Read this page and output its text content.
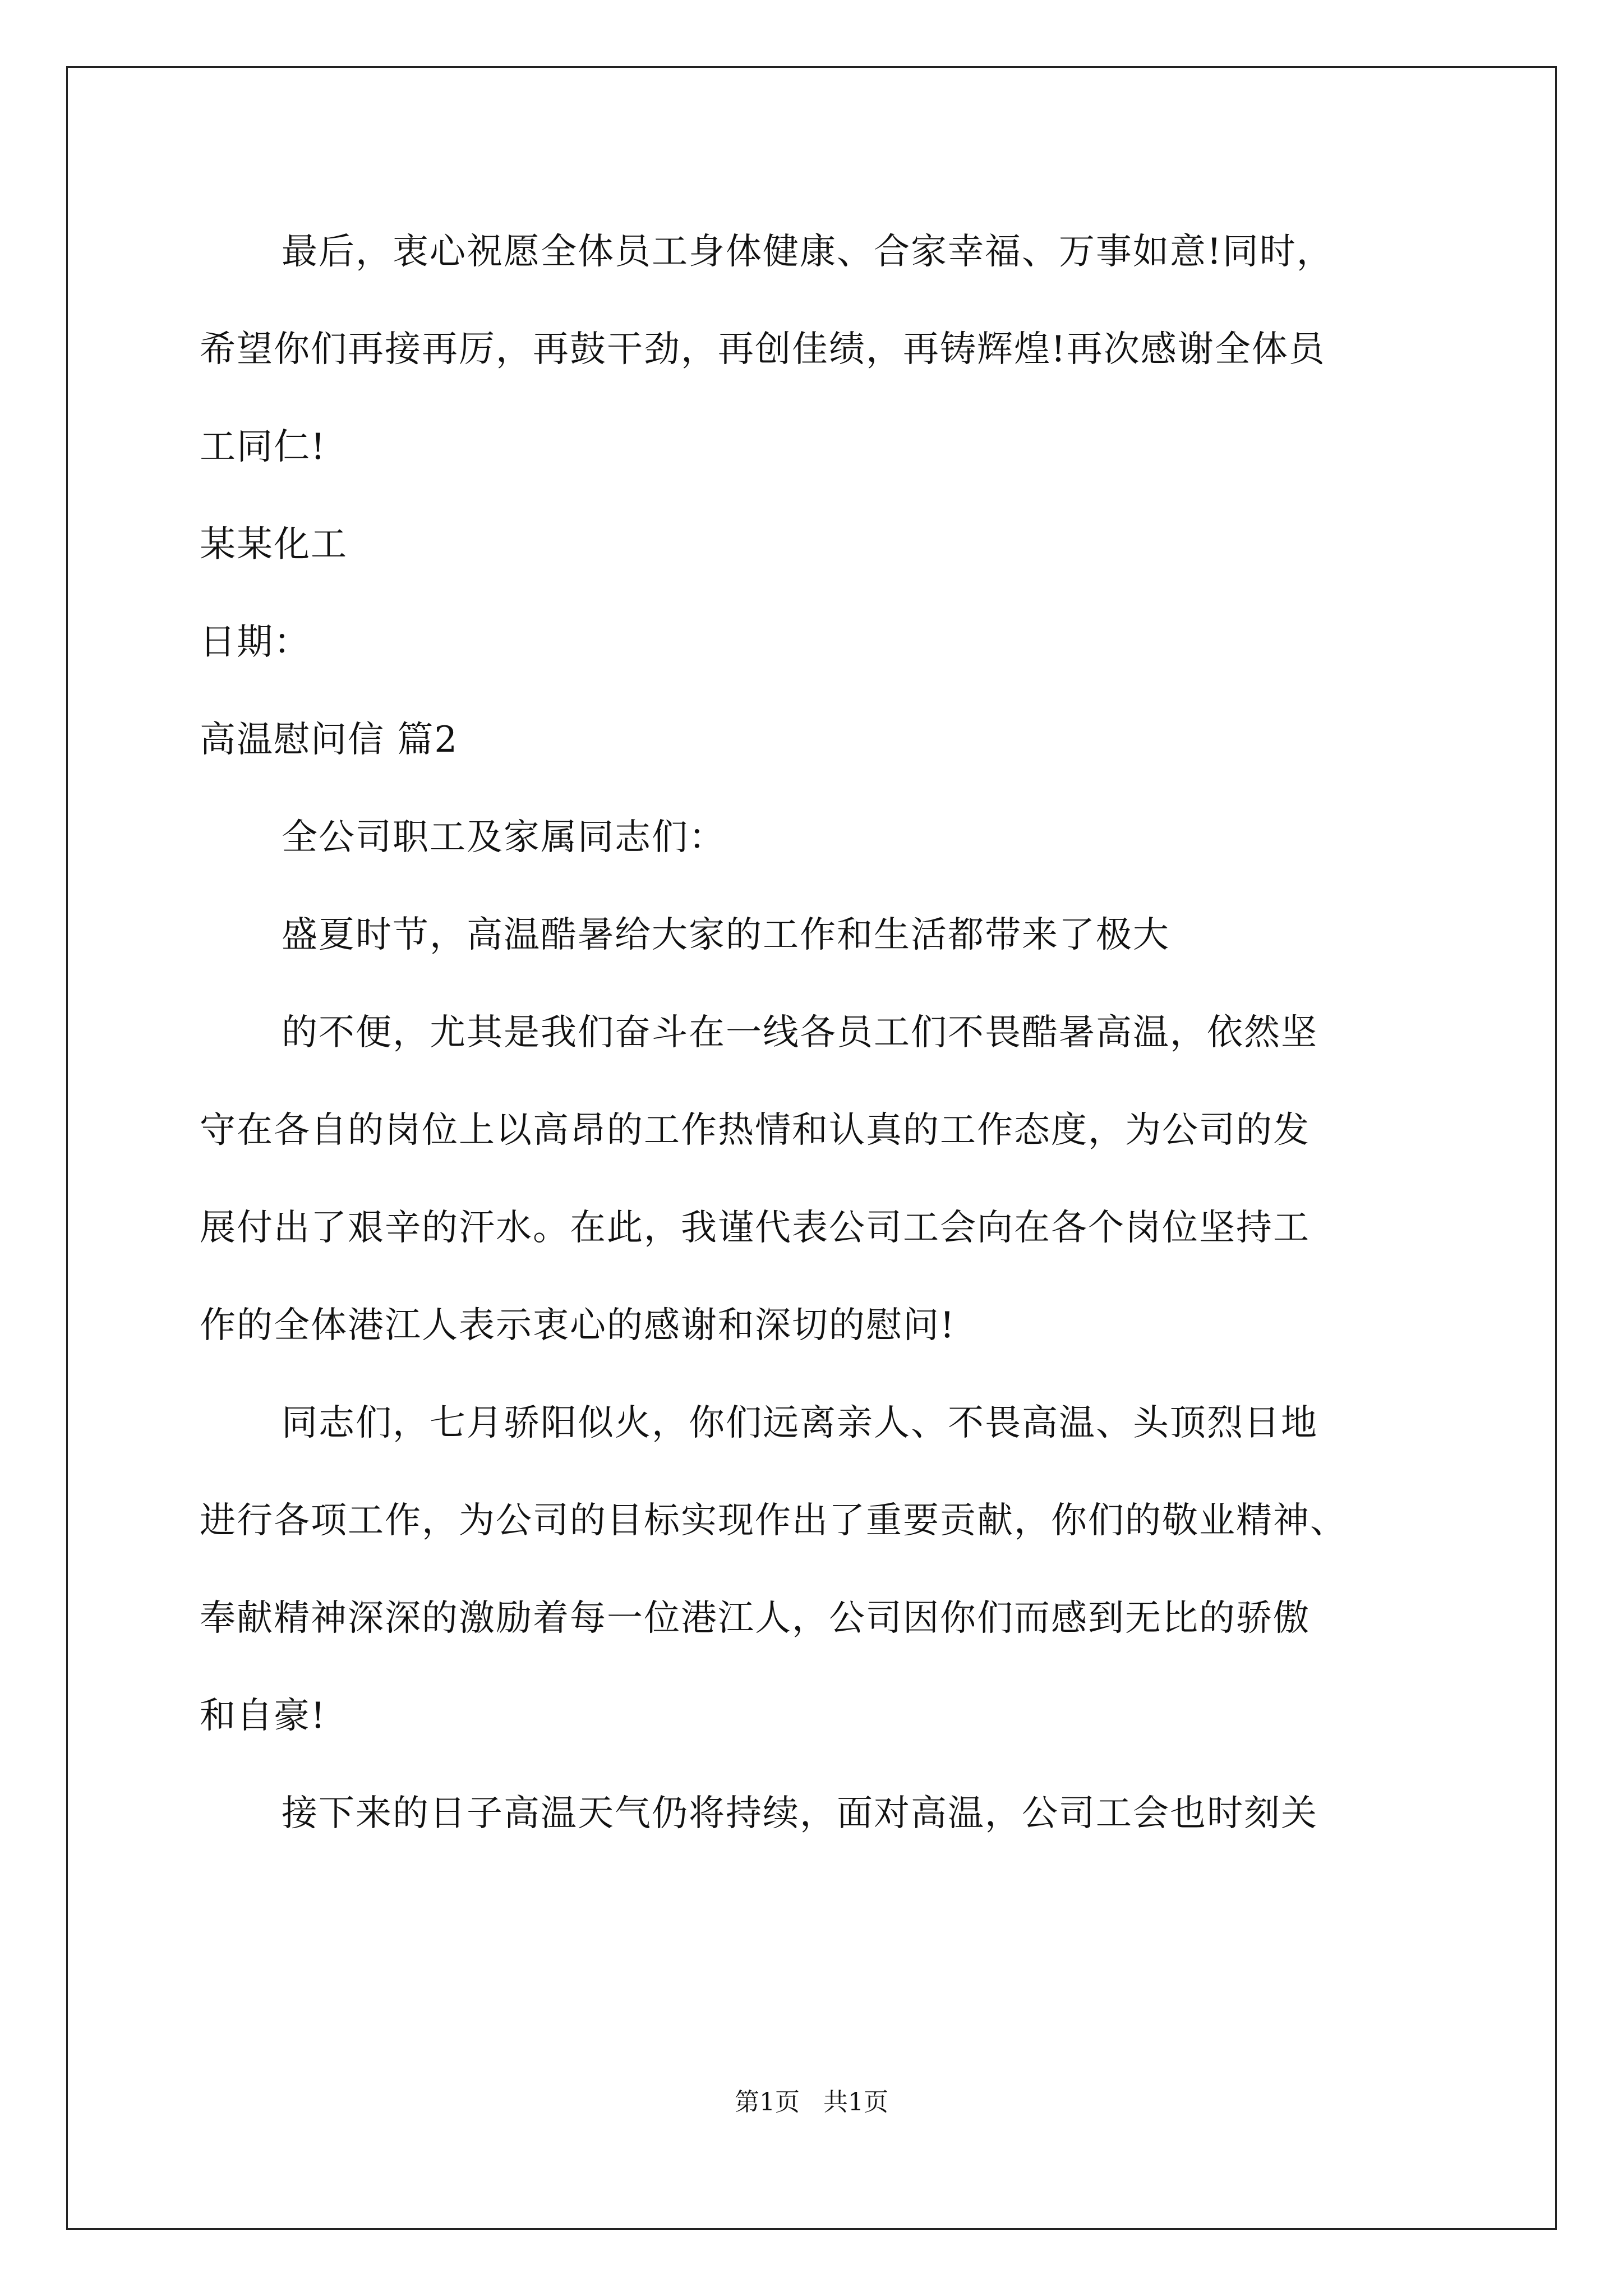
最后，衷心祝愿全体员工身体健康、合家幸福、万事如意!同时，
希望你们再接再厉，再鼓干劲，再创佳绩，再铸辉煌!再次感谢全体员
工同仁!
某某化工
日期：
高温慰问信 篇2
全公司职工及家属同志们：
盛夏时节，高温酷暑给大家的工作和生活都带来了极大
的不便，尤其是我们奋斗在一线各员工们不畏酷暑高温，依然坚
守在各自的岗位上以高昂的工作热情和认真的工作态度，为公司的发
展付出了艰辛的汗水。在此，我谨代表公司工会向在各个岗位坚持工
作的全体港江人表示衷心的感谢和深切的慰问!
同志们，七月骄阳似火，你们远离亲人、不畏高温、头顶烈日地
进行各项工作，为公司的目标实现作出了重要贡献，你们的敬业精神、
奉献精神深深的激励着每一位港江人，公司因你们而感到无比的骄傲
和自豪!
接下来的日子高温天气仍将持续，面对高温，公司工会也时刻关
第1页   共1页
